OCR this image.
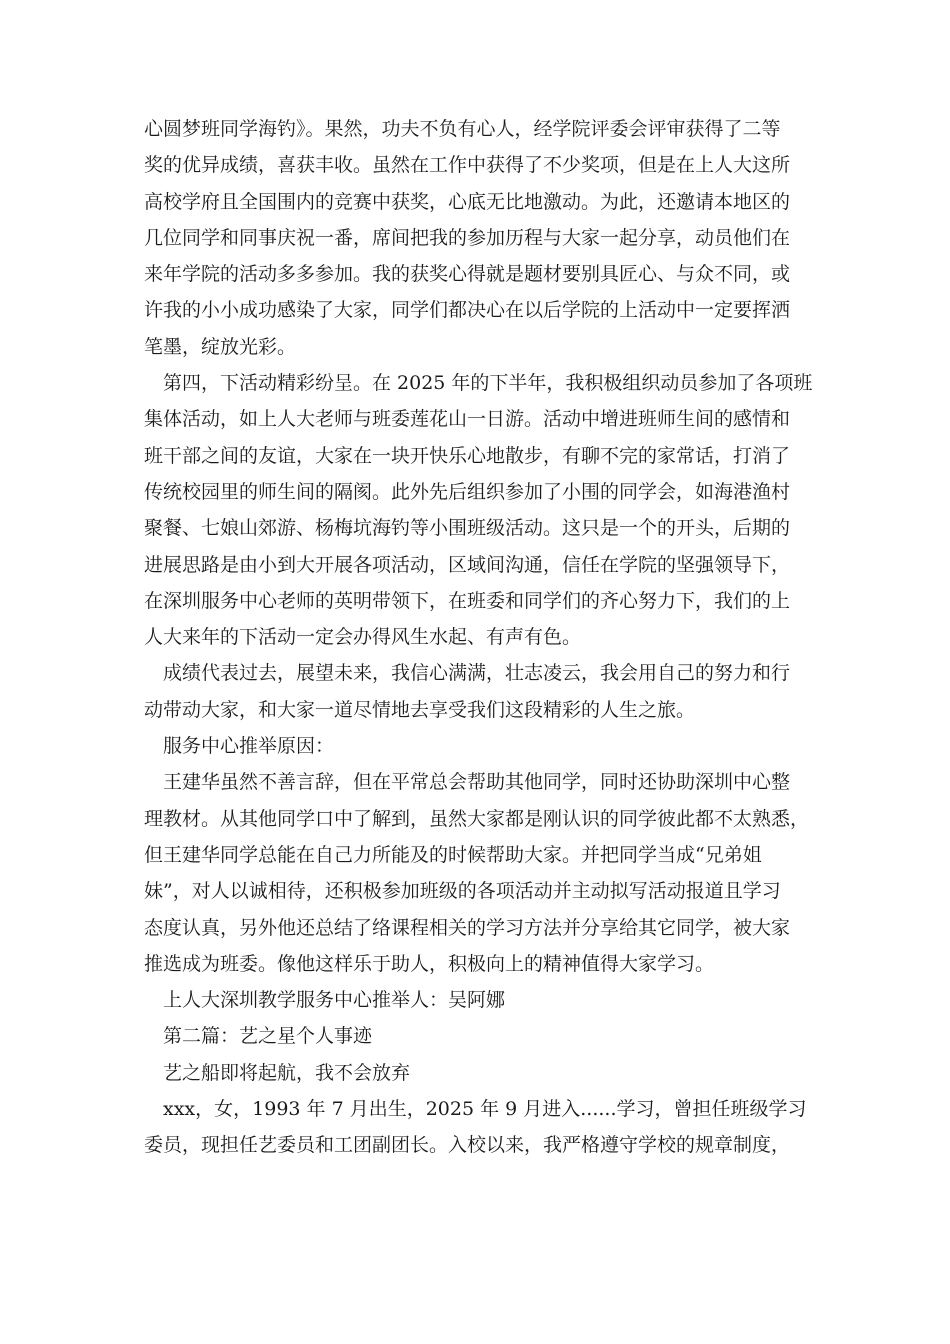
心圆梦班同学海钓》。果然，功夫不负有心人，经学院评委会评审获得了二等
奖的优异成绩，喜获丰收。虽然在工作中获得了不少奖项，但是在上人大这所
高校学府且全国围内的竞赛中获奖，心底无比地激动。为此，还邀请本地区的
几位同学和同事庆祝一番，席间把我的参加历程与大家一起分享，动员他们在
来年学院的活动多多参加。我的获奖心得就是题材要别具匠心、与众不同，或
许我的小小成功感染了大家，同学们都决心在以后学院的上活动中一定要挥洒
笔墨，绽放光彩。
第四，下活动精彩纷呈。在 2025 年的下半年，我积极组织动员参加了各项班
集体活动，如上人大老师与班委莲花山一日游。活动中增进班师生间的感情和
班干部之间的友谊，大家在一块开快乐心地散步，有聊不完的家常话，打消了
传统校园里的师生间的隔阂。此外先后组织参加了小围的同学会，如海港渔村
聚餐、七娘山郊游、杨梅坑海钓等小围班级活动。这只是一个的开头，后期的
进展思路是由小到大开展各项活动，区域间沟通，信任在学院的坚强领导下，
在深圳服务中心老师的英明带领下，在班委和同学们的齐心努力下，我们的上
人大来年的下活动一定会办得风生水起、有声有色。
成绩代表过去，展望未来，我信心满满，壮志凌云，我会用自己的努力和行
动带动大家，和大家一道尽情地去享受我们这段精彩的人生之旅。
服务中心推举原因：
王建华虽然不善言辞，但在平常总会帮助其他同学，同时还协助深圳中心整
理教材。从其他同学口中了解到，虽然大家都是刚认识的同学彼此都不太熟悉，
但王建华同学总能在自己力所能及的时候帮助大家。并把同学当成“兄弟姐
妹”，对人以诚相待，还积极参加班级的各项活动并主动拟写活动报道且学习
态度认真，另外他还总结了络课程相关的学习方法并分享给其它同学，被大家
推选成为班委。像他这样乐于助人，积极向上的精神值得大家学习。
上人大深圳教学服务中心推举人：吴阿娜
第二篇：艺之星个人事迹
艺之船即将起航，我不会放弃
xxx，女，1993 年 7 月出生，2025 年 9 月进入......学习，曾担任班级学习
委员，现担任艺委员和工团副团长。入校以来，我严格遵守学校的规章制度，
